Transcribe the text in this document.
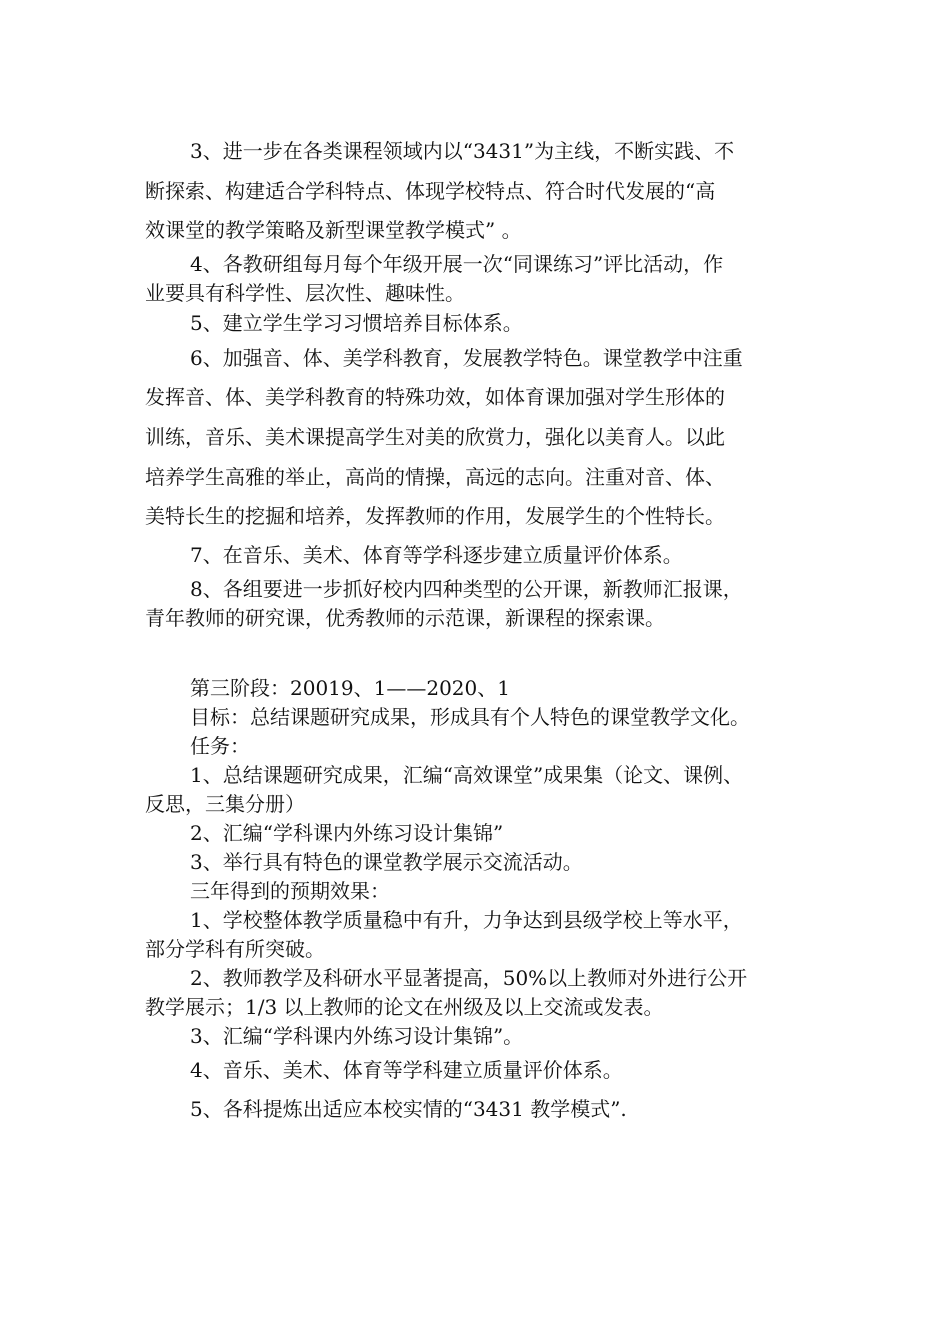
3、进一步在各类课程领域内以“3431”为主线，不断实践、不
断探索、构建适合学科特点、体现学校特点、符合时代发展的“高
效课堂的教学策略及新型课堂教学模式” 。
4、各教研组每月每个年级开展一次“同课练习”评比活动，作
业要具有科学性、层次性、趣味性。
5、建立学生学习习惯培养目标体系。
6、加强音、体、美学科教育，发展教学特色。课堂教学中注重
发挥音、体、美学科教育的特殊功效，如体育课加强对学生形体的
训练，音乐、美术课提高学生对美的欣赏力，强化以美育人。以此
培养学生高雅的举止，高尚的情操，高远的志向。注重对音、体、
美特长生的挖掘和培养，发挥教师的作用，发展学生的个性特长。
7、在音乐、美术、体育等学科逐步建立质量评价体系。
8、各组要进一步抓好校内四种类型的公开课，新教师汇报课，
青年教师的研究课，优秀教师的示范课，新课程的探索课。
第三阶段：20019、1——2020、1
目标：总结课题研究成果，形成具有个人特色的课堂教学文化。
任务：
1、总结课题研究成果，汇编“高效课堂”成果集（论文、课例、
反思，三集分册）
2、汇编“学科课内外练习设计集锦”
3、举行具有特色的课堂教学展示交流活动。
三年得到的预期效果：
1、学校整体教学质量稳中有升，力争达到县级学校上等水平，
部分学科有所突破。
2、教师教学及科研水平显著提高，50%以上教师对外进行公开
教学展示；1/3 以上教师的论文在州级及以上交流或发表。
3、汇编“学科课内外练习设计集锦”。
4、音乐、美术、体育等学科建立质量评价体系。
5、各科提炼出适应本校实情的“3431 教学模式”.
